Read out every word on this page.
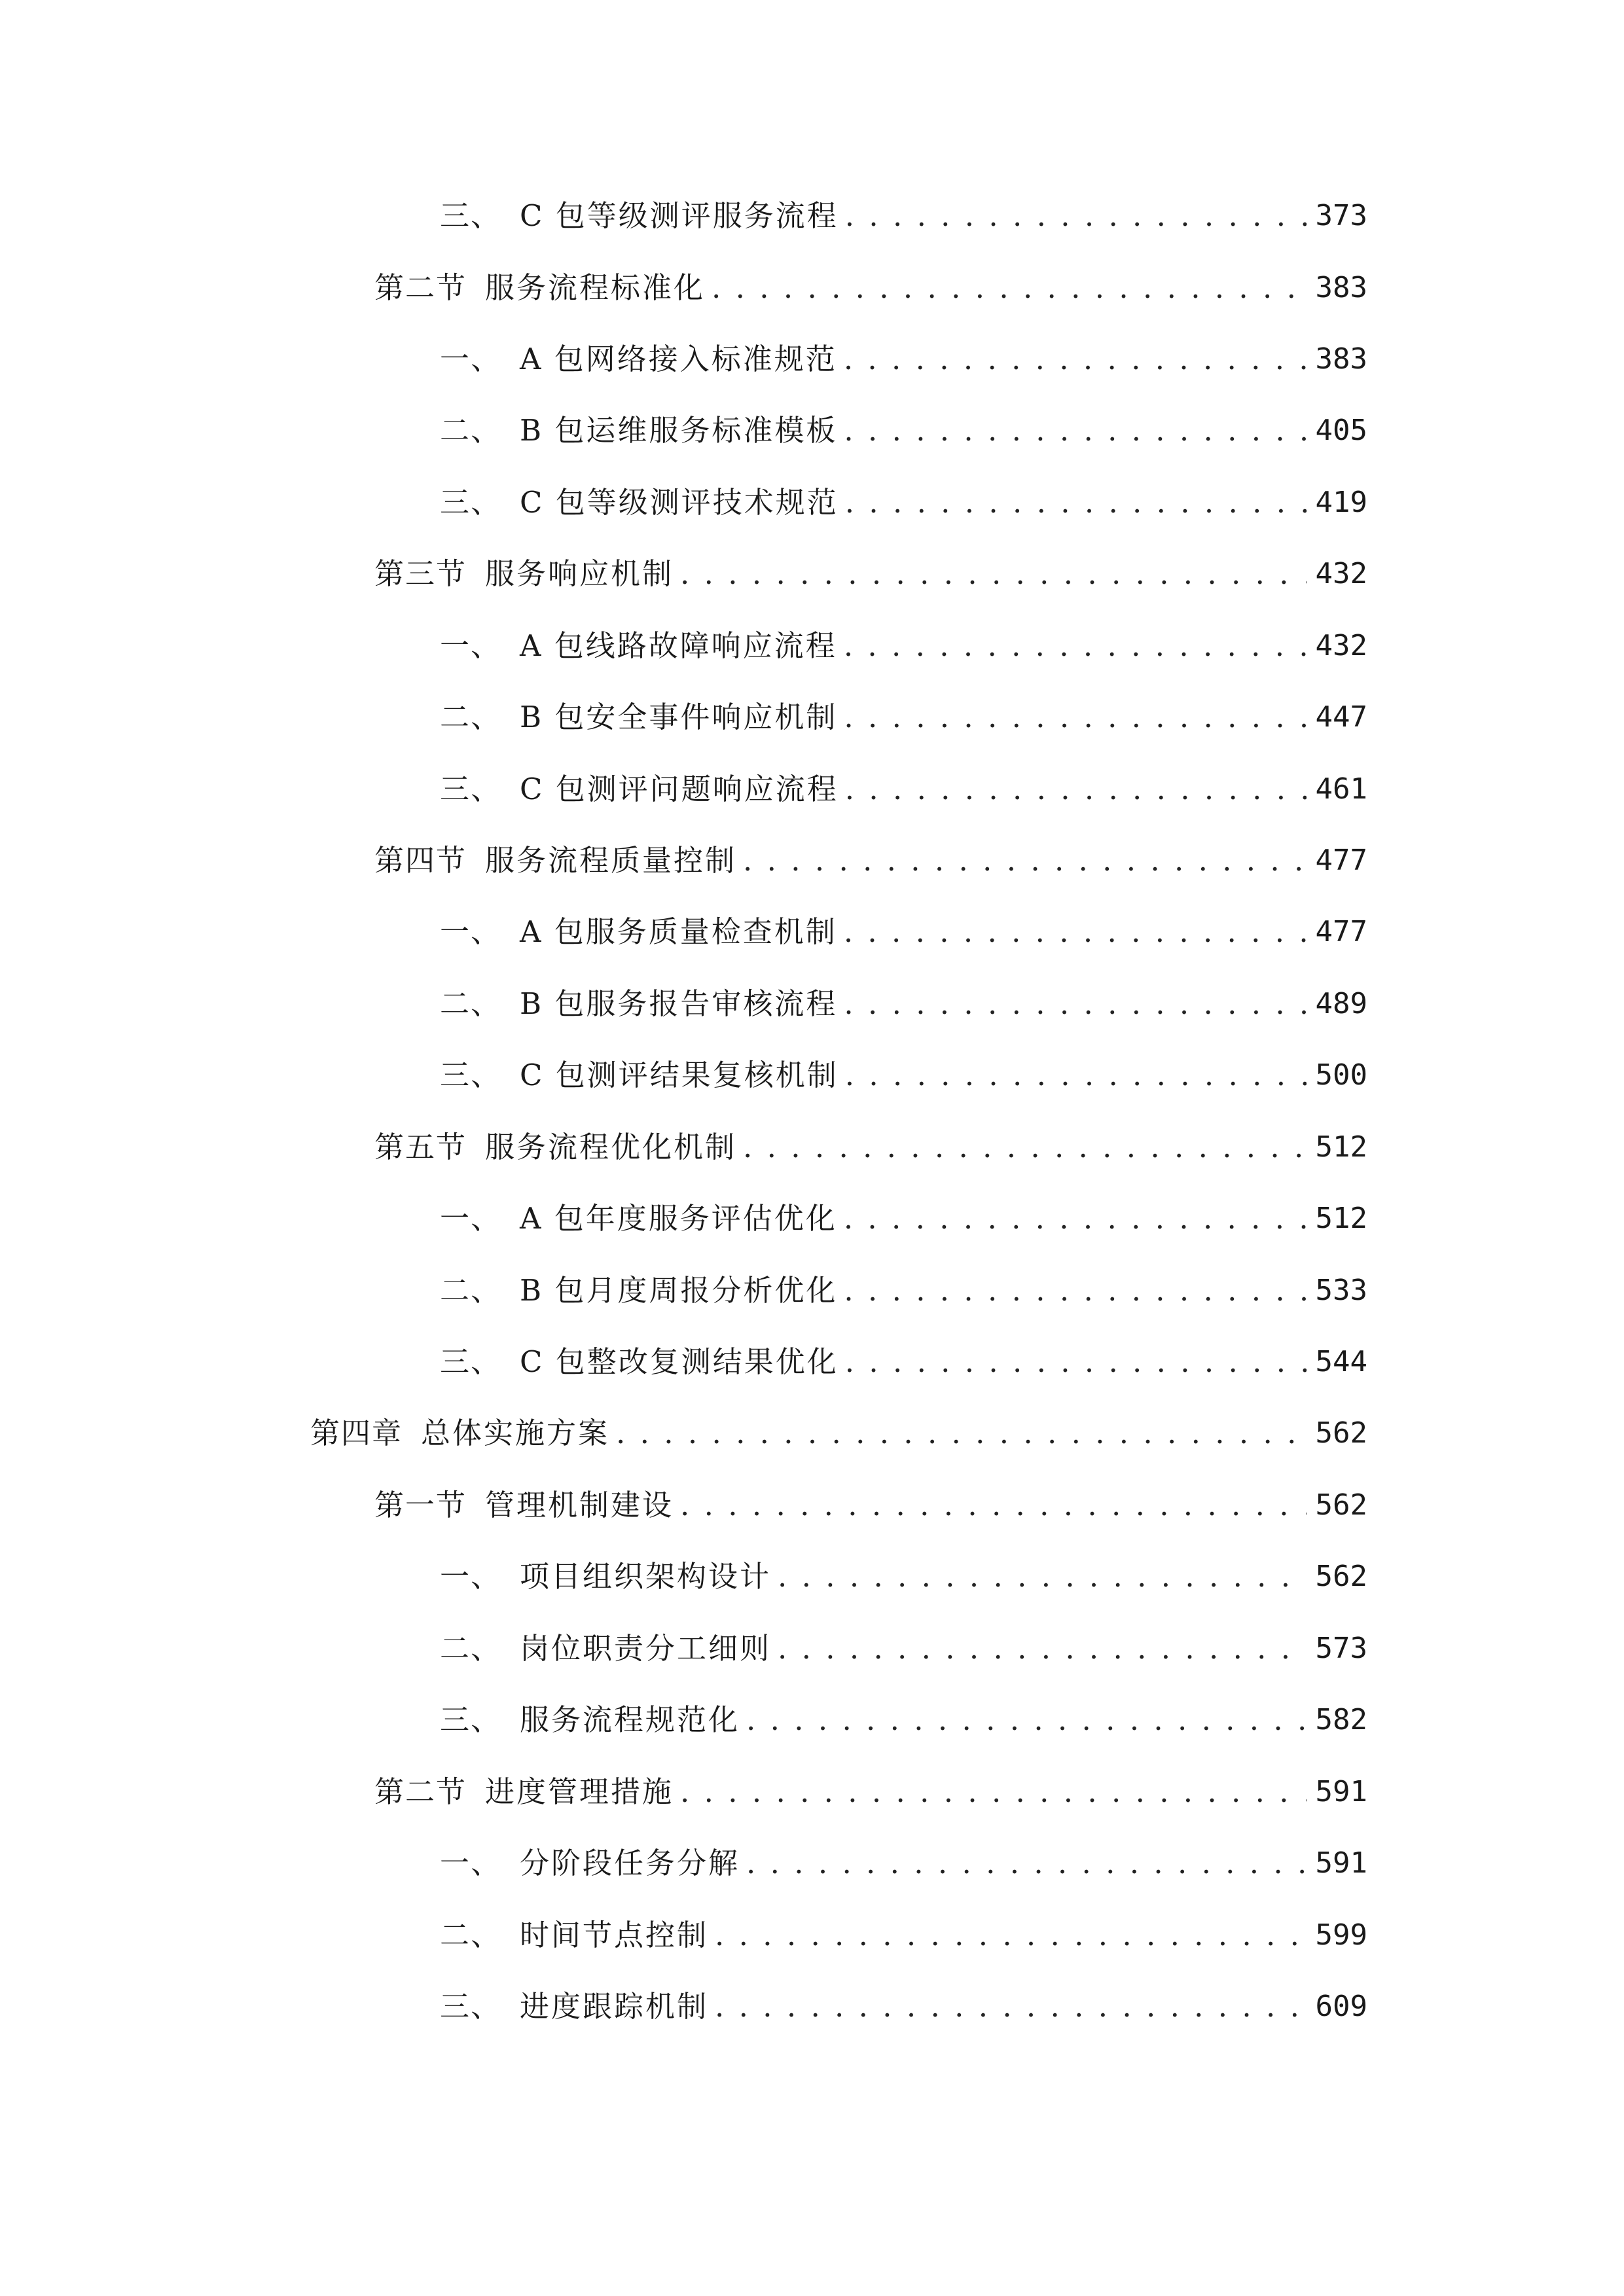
三、 C 包等级测评服务流程 . . .	373
第二节 服务流程标准化 . . .	383
一、 A 包网络接入标准规范 . . .	383
二、 B 包运维服务标准模板 . . .	405
三、 C 包等级测评技术规范 . . .	419
第三节 服务响应机制 . . .	432
一、 A 包线路故障响应流程 . . .	432
二、 B 包安全事件响应机制 . . .	447
三、 C 包测评问题响应流程 . . .	461
第四节 服务流程质量控制 . . .	477
一、 A 包服务质量检查机制 . . .	477
二、 B 包服务报告审核流程 . . .	489
三、 C 包测评结果复核机制 . . .	500
第五节 服务流程优化机制 . . .	512
一、 A 包年度服务评估优化 . . .	512
二、 B 包月度周报分析优化 . . .	533
三、 C 包整改复测结果优化 . . .	544
第四章 总体实施方案 . . .	562
第一节 管理机制建设 . . .	562
一、 项目组织架构设计 . . .	562
二、 岗位职责分工细则 . . .	573
三、 服务流程规范化 . . .	582
第二节 进度管理措施 . . .	591
一、 分阶段任务分解 . . .	591
二、 时间节点控制 . . .	599
三、 进度跟踪机制 . . .	609
